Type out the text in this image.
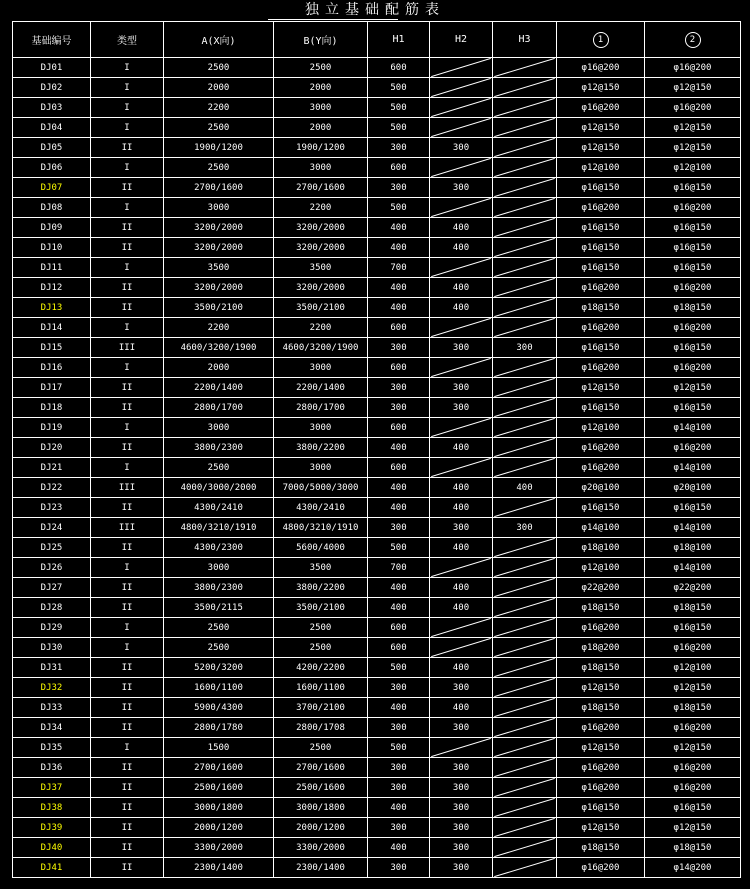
独立基础配筋表
基础编号	类型	A(X向)	B(Y向)	H1	H2	H3	1	2
DJ01	I	2500	2500	600			φ16@200	φ16@200
DJ02	I	2000	2000	500			φ12@150	φ12@150
DJ03	I	2200	3000	500			φ16@200	φ16@200
DJ04	I	2500	2000	500			φ12@150	φ12@150
DJ05	II	1900/1200	1900/1200	300	300		φ12@150	φ12@150
DJ06	I	2500	3000	600			φ12@100	φ12@100
DJ07	II	2700/1600	2700/1600	300	300		φ16@150	φ16@150
DJ08	I	3000	2200	500			φ16@200	φ16@200
DJ09	II	3200/2000	3200/2000	400	400		φ16@150	φ16@150
DJ10	II	3200/2000	3200/2000	400	400		φ16@150	φ16@150
DJ11	I	3500	3500	700			φ16@150	φ16@150
DJ12	II	3200/2000	3200/2000	400	400		φ16@200	φ16@200
DJ13	II	3500/2100	3500/2100	400	400		φ18@150	φ18@150
DJ14	I	2200	2200	600			φ16@200	φ16@200
DJ15	III	4600/3200/1900	4600/3200/1900	300	300	300	φ16@150	φ16@150
DJ16	I	2000	3000	600			φ16@200	φ16@200
DJ17	II	2200/1400	2200/1400	300	300		φ12@150	φ12@150
DJ18	II	2800/1700	2800/1700	300	300		φ16@150	φ16@150
DJ19	I	3000	3000	600			φ12@100	φ14@100
DJ20	II	3800/2300	3800/2200	400	400		φ16@200	φ16@200
DJ21	I	2500	3000	600			φ16@200	φ14@100
DJ22	III	4000/3000/2000	7000/5000/3000	400	400	400	φ20@100	φ20@100
DJ23	II	4300/2410	4300/2410	400	400		φ16@150	φ16@150
DJ24	III	4800/3210/1910	4800/3210/1910	300	300	300	φ14@100	φ14@100
DJ25	II	4300/2300	5600/4000	500	400		φ18@100	φ18@100
DJ26	I	3000	3500	700			φ12@100	φ14@100
DJ27	II	3800/2300	3800/2200	400	400		φ22@200	φ22@200
DJ28	II	3500/2115	3500/2100	400	400		φ18@150	φ18@150
DJ29	I	2500	2500	600			φ16@200	φ16@150
DJ30	I	2500	2500	600			φ18@200	φ16@200
DJ31	II	5200/3200	4200/2200	500	400		φ18@150	φ12@100
DJ32	II	1600/1100	1600/1100	300	300		φ12@150	φ12@150
DJ33	II	5900/4300	3700/2100	400	400		φ18@150	φ18@150
DJ34	II	2800/1780	2800/1708	300	300		φ16@200	φ16@200
DJ35	I	1500	2500	500			φ12@150	φ12@150
DJ36	II	2700/1600	2700/1600	300	300		φ16@200	φ16@200
DJ37	II	2500/1600	2500/1600	300	300		φ16@200	φ16@200
DJ38	II	3000/1800	3000/1800	400	300		φ16@150	φ16@150
DJ39	II	2000/1200	2000/1200	300	300		φ12@150	φ12@150
DJ40	II	3300/2000	3300/2000	400	300		φ18@150	φ18@150
DJ41	II	2300/1400	2300/1400	300	300		φ16@200	φ14@200
